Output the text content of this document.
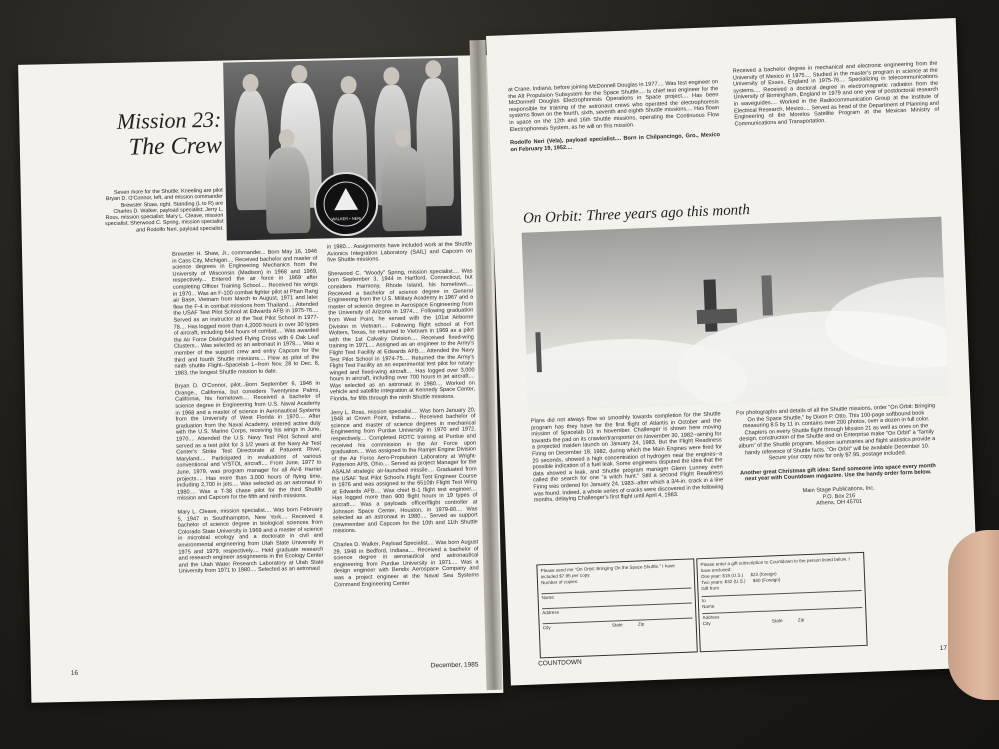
WALKER • NERI
Mission 23:
The Crew
Seven more for the Shuttle: Kneeling are pilot Bryan D. O'Connor, left, and mission commander Brewster Shaw, right. Standing (L to R) are Charles D. Walker, payload specialist; Jerry L. Ross, mission specialist; Mary L. Cleave, mission specialist; Sherwood C. Spring, mission specialist and Rodolfo Neri, payload specialist.

Brewster H. Shaw, Jr., commander... Born May 16, 1946 in Cass City, Michigan.... Received bachelor and master of science degrees in Engineering Mechanics from the University of Wisconsin (Madison) in 1968 and 1969, respectively... Entered the air force in 1969 after completing Officer Training School.... Received his wings in 1970... Was an F-100 combat fighter pilot at Phan Rang air Base, Vietnam from March to August, 1971 and later flew the F-4 in combat missions from Thailand.... Attended the USAF Test Pilot School at Edwards AFB in 1975-76.... Served as an instructor at the Test Pilot School in 1977-78.... Has logged more than 4,2000 hours in over 30 types of aircraft, including 644 hours of combat.... Was awarded the Air Force Distinguished Flying Cross with 6 Oak Leaf Clusters... Was selected as an astronaut in 1978.... Was a member of the support crew and entry Capcom for the third and fourth Shuttle missions.... Flew as pilot of the ninth shuttle Flight--Spacelab 1--from Nov. 28 to Dec. 8, 1983, the longest Shuttle mission to date.

Bryan D. O'Connor, pilot...Born September 6, 1946 in Orange., California, but considers Twentynine Palms, California, his hometown.... Received a bachelor of science degree in Engineering from U.S. Naval Academy in 1968 and a master of science in Aeronautical Systems from the University of West Florida in 1970.... After graduation from the Naval Academy, entered active duty with the U.S. Marine Corps, receiving his wings in June, 1970.... Attended the U.S. Navy Test Pilot School and served as a test pilot for 3 1/2 years at the Navy Air Test Center's Strike Test Directorate at Patuxent River, Maryland.... Participated in evaluations of various conventional and V/STOL aircraft.... From June, 1977 to June, 1979, was program manager for all AV-8 Harrier projects.... Has more than 3,000 hours of flying time, including 2,700 in jets.... Was selected as an astronaut in 1980.... Was a T-38 chase pilot for the third Shuttle mission and Capcom for the fifth and ninth missions.

Mary L. Cleave, mission specialist.... Was born February 5, 1947 in Southhampton, New York.... Received a bachelor of science degree in biological sciences from Colorado State University in 1969 and a master of science in microbial ecology and a doctorate in civil and environmental engineering from Utah State University in 1975 and 1979, respectively.... Held graduate research and research engineer assignments in the Ecology Center and the Utah Water Research Laboratory at Utah State University from 1971 to 1980.... Selected as an astronaut

in 1980.... Assignments have included work at the Shuttle Avionics Integration Laboratory (SAIL) and Capcom on five Shuttle missions.

Sherwood C. "Woody" Spring, mission specialist.... Was born September 3, 1944 in Hartford, Connecticut, but considers Harmony, Rhode Island, his hometown.... Received a bachelor of science degree in General Engineering from the U.S. Military Academy in 1967 and a master of science degree in Aerospace Engineering from the University of Arizona in 1974.... Following graduation from West Point, he served with the 101st Airborne Division in Vietnam.... Following flight school at Fort Wolters, Texas, he returned to Vietnam in 1969 as a pilot with the 1st Calvalry Division.... Received fixed-wing training in 1971.... Assigned as an engineer to the Army's Flight Test Facility at Edwards AFB.... Attended the Navy Test Pilot School in 1974-75.... Returned the the Army's Flight Test Facility as an experimental test pilot for rotary-winged and fixed-wing aircraft.... Has logged over 3,000 hours in aircraft, including over 700 hours in jet aircraft.... Was selected as an astronaut in 1980.... Worked on vehicle and satellite integration at Kennedy Space Center, Florida, for fifth through the ninth Shuttle missions.

Jerry L. Ross, mission specialist.... Was born January 20, 1948 at Crown Point, Indiana.... Received bachelor of science and master of science degrees in mechanical Engineering from Purdue University in 1970 and 1972, respectively.... Completed ROTC training at Purdue and received his commission in the Air Force upon graduation.... Was assigned to the Ramjet Engine Division of the Air Force Aero-Propulsion Laboratory at Wright-Patterson AFB, Ohio.... Served as project Manager for the ASALM strategic air-launched missile.... Graduated from the USAF Test Pilot School's Flight Test Engineer Course in 1976 and was assigned to the 6510th Flight Test Wing at Edwards AFB.... Was chief B-1 flight test engineer.... Has logged more than 900 flight hours in 19 types of aircraft.... Was a payloads officer/flight controller at Johnson Space Center, Houston, in 1979-80.... Was selected as an astronaut in 1980.... Served as support crewmember and Capcom for the 10th and 11th Shuttle missions.

Charles D. Walker, Payload Specialist.... Was born August 29, 1948 in Bedford, Indiana.... Received a bachelor of science degree in aeronautical and astronautical engineering from Purdue University in 1971.... Was a design engineer with Bendix Aerospace Company and was a project engineer at the Naval Sea Systems Command Engineering Center

16
December, 1985

at Crane, Indiana, before joining McDonnell Douglas in 1977.... Was test engineer on the Alt Propulsion Subsystem for the Space Shuttle.... Is chief test engineer for the McDonnell Douglas Electrophoresis Operations in Space project.... Has been responsible for training of the astronaut crews who operated the electrophoresis systems flown on the fourth, sixth, seventh and eighth Shuttle missions.... Has flown in space on the 12th and 16th Shuttle missions, operating the Continuous Flow Electrophoresis System, as he will on this mission.

Rodolfo Neri (Vela), payload specialist.... Born in Chilpancingo, Gro., Mexico on February 19, 1952....

Received a bachelor degree in mechanical and electronic engineering from the University of Mexico in 1975.... Studied in the master's program in science at the University of Essex, England in 1975-76.... Specializing in telecommunications systems.... Received a doctoral degree in electromagnetic radiation from the University of Birmingham, England in 1979 and one year of postdoctoral research in waveguides.... Worked in the Radiocommunication Group at the Institute of Electrical Research, Mexico.... Served as head of the Department of Planning and Engineering of the Morelos Satellite Program at the Mexican Ministry of Communications and Transportation.
On Orbit: Three years ago this month
Plans did not always flow so smoothly towards completion for the Shuttle program has they have for the first flight of Atlantis in October and the mission of Spacelab D1 in November. Challenger is shown here moving towards the pad on its crawler/transporter on November 30, 1982--aiming for a projected maiden launch on January 24, 1983. But the Flight Readiness Firing on December 18, 1982, during which the Main Engines were fired for 20 seconds, showed a high concentration of hydrogen near the engines--a possible indication of a fuel leak. Some engineers disputed the idea that the data showed a leak, and Shuttle program manager Glenn Lunney even called the search for one "a witch hunt." Still a second Flight Readiness Firing was ordered for January 24, 1983--after which a 3/4-in. crack in a line was found. Indeed, a whole series of cracks were discovered in the following months, delaying Challenger's first flight until April 4, 1983.

For photographs and details of all the Shuttle missions, order "On Orbit: Bringing On the Space Shuttle," by Dixon P. Otto. This 100-page softbound book measuring 8.5 by 11 in. contains over 200 photos, over a dozen in full color. Chapters on every Shuttle flight through Mission 21 as well as ones on the design, construction of the Shuttle and on Enterprise make "On Orbit" a "family album" of the Shuttle program. Mission summaries and flight statistics provide a handy reference of Shuttle facts. "On Orbit" will be available December 10. Secure your copy now for only $7.95, postage included.

Another great Christmas gift idea: Send someone into space every month next year with Countdown magazine. Use the handy order form below.

Main Stage Publications, Inc.
P.O. Box 216
Athens, OH 45701
Please send me "On Orbit: Bringing On the Space Shuttle." I have included $7.95 per copy.
Number of copies:
Name
Address
City State	Zip
Please enter a gift subscription to Countdown to the person listed below. I have enclosed:
One year: $18 (U.S.) $22 (foreign)
Two years: $32 (U.S.) $40 (Foreign)
Gift from
to
Name
Address
City State	Zip
COUNTDOWN
17
